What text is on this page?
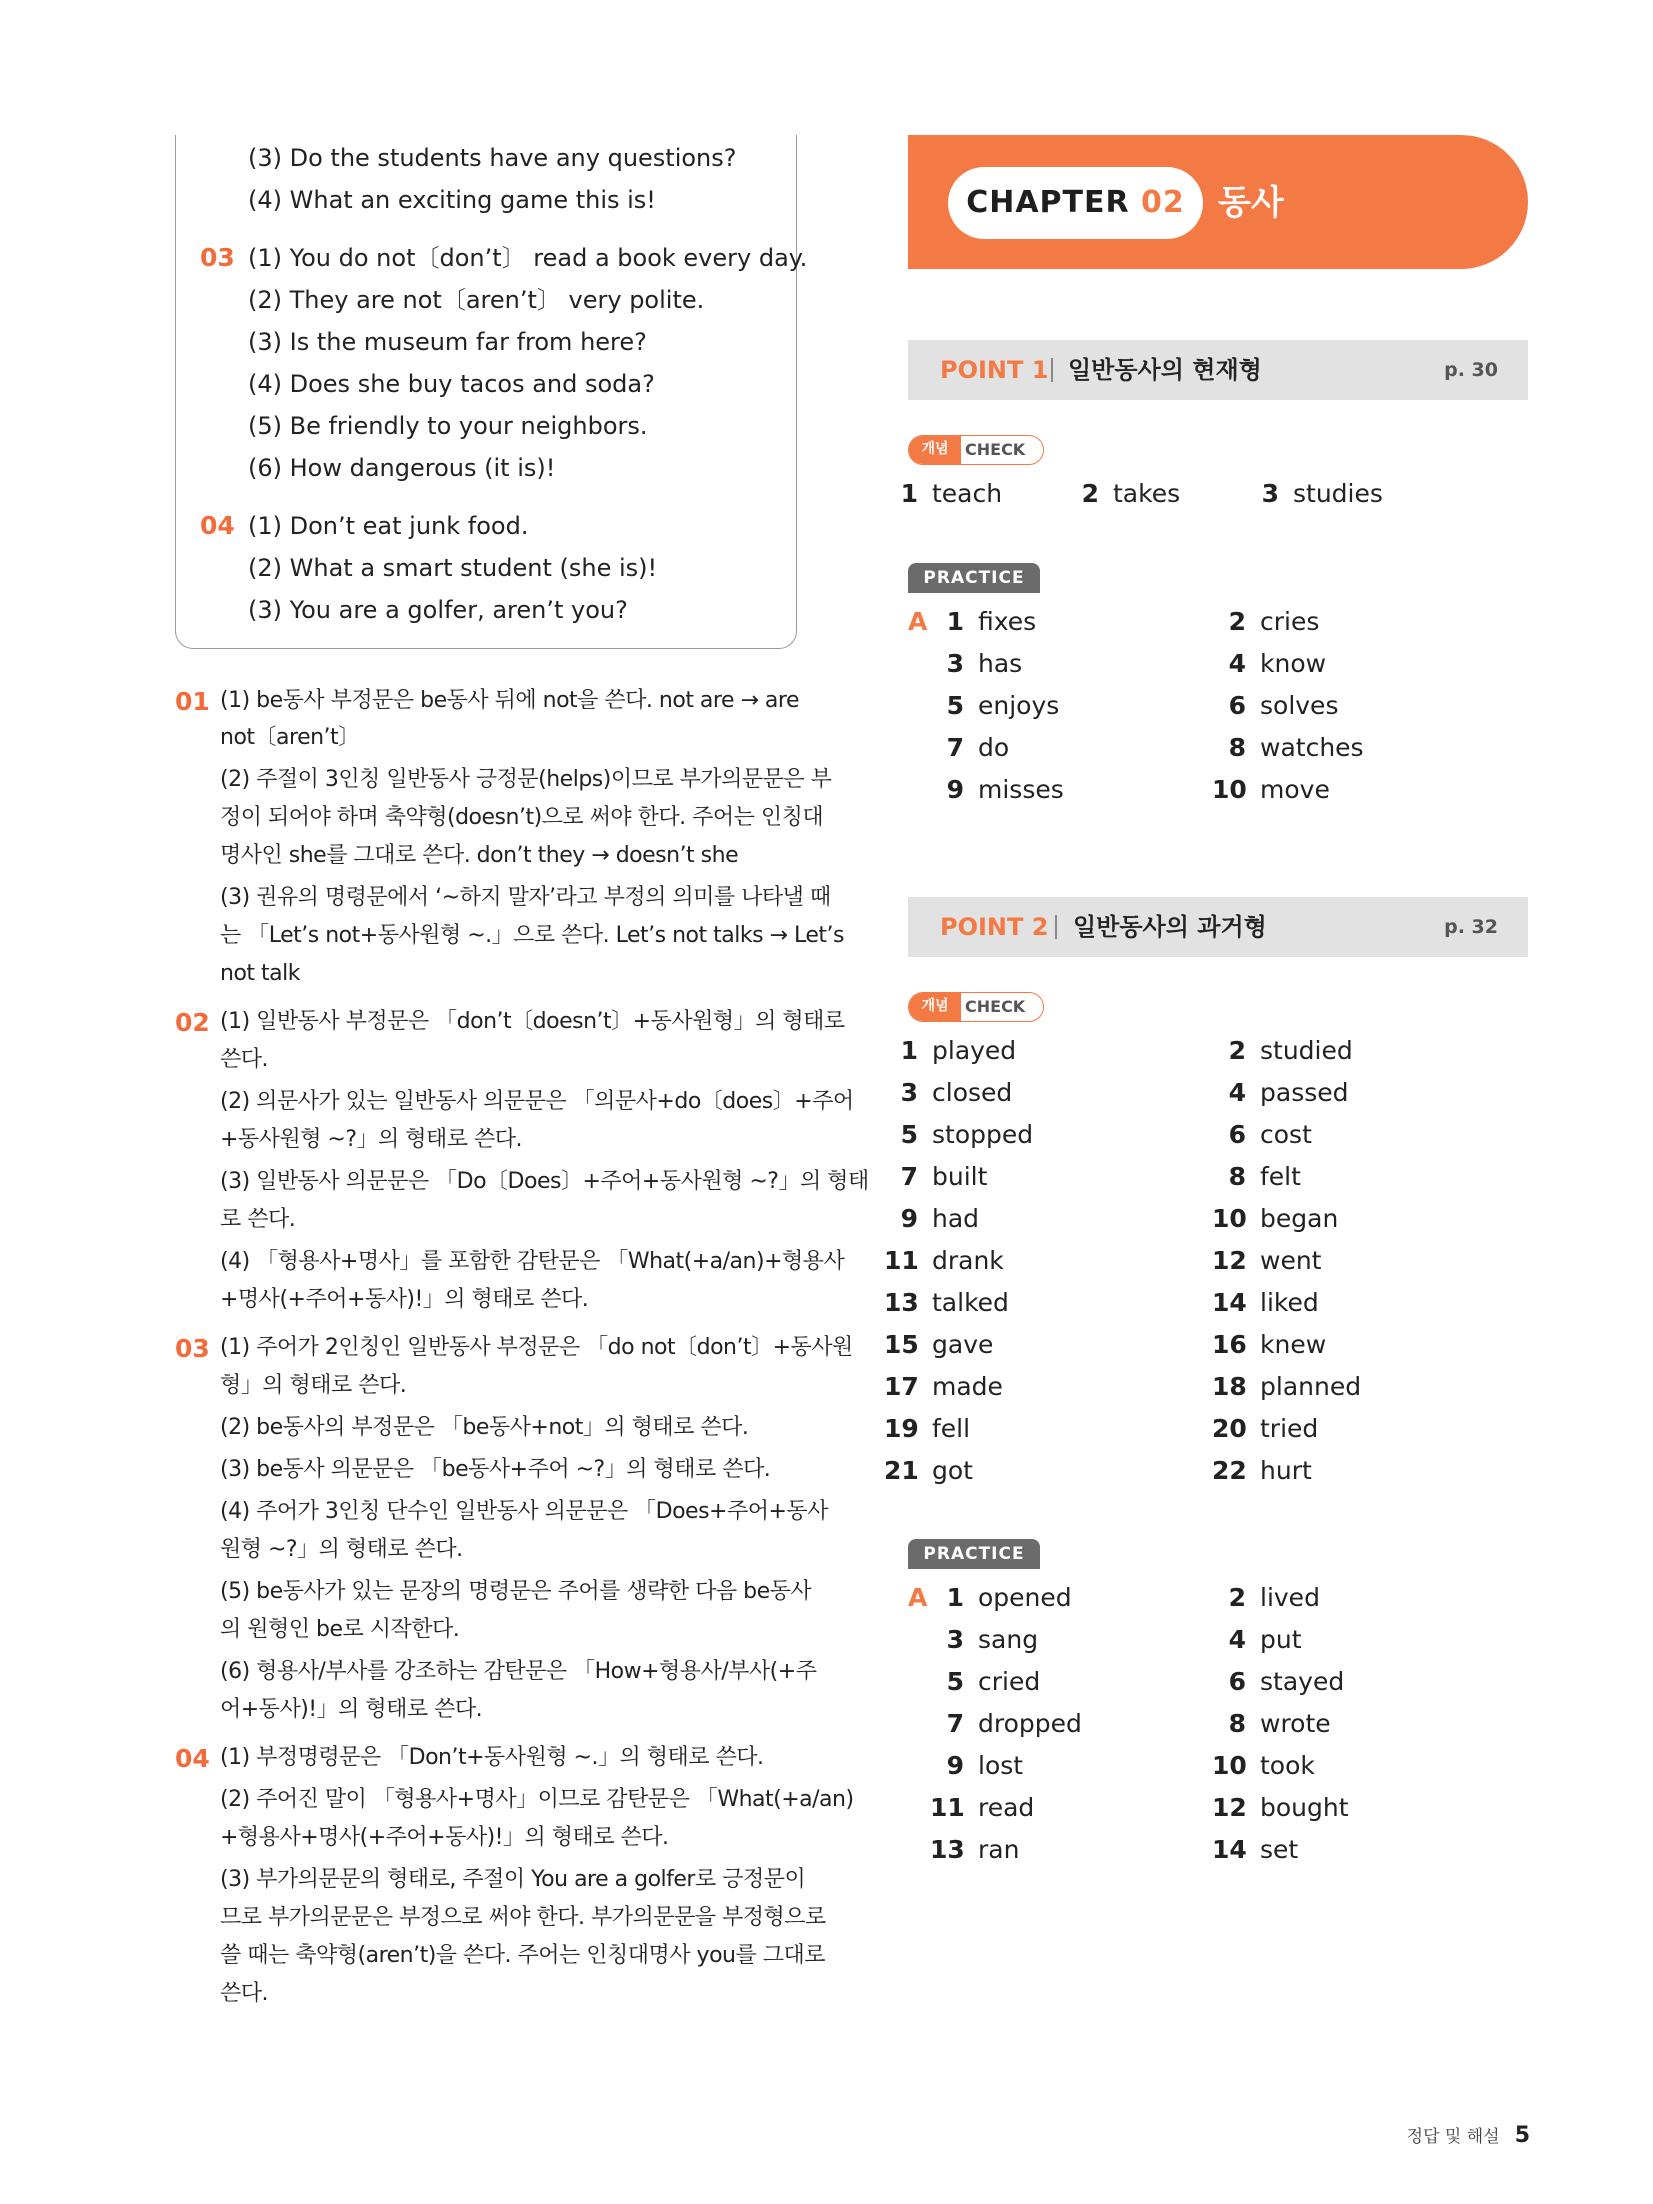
(3) Do the students have any questions?
(4) What an exciting game this is!
03 (1) You do not〔don’t〕 read a book every day.
(2) They are not〔aren’t〕 very polite.
(3) Is the museum far from here?
(4) Does she buy tacos and soda?
(5) Be friendly to your neighbors.
(6) How dangerous (it is)!
04 (1) Don’t eat junk food.
(2) What a smart student (she is)!
(3) You are a golfer, aren’t you?
01 (1) be동사 부정문은 be동사 뒤에 not을 쓴다. not are → are
not〔aren’t〕
(2) 주절이 3인칭 일반동사 긍정문(helps)이므로 부가의문문은 부
정이 되어야 하며 축약형(doesn’t)으로 써야 한다. 주어는 인칭대
명사인 she를 그대로 쓴다. don’t they → doesn’t she
(3) 권유의 명령문에서 ‘~하지 말자’라고 부정의 의미를 나타낼 때
는 「Let’s not+동사원형 ~.」으로 쓴다. Let’s not talks → Let’s
not talk
02 (1) 일반동사 부정문은 「don’t〔doesn’t〕+동사원형」의 형태로
쓴다.
(2) 의문사가 있는 일반동사 의문문은 「의문사+do〔does〕+주어
+동사원형 ~?」의 형태로 쓴다.
(3) 일반동사 의문문은 「Do〔Does〕+주어+동사원형 ~?」의 형태
로 쓴다.
(4) 「형용사+명사」를 포함한 감탄문은 「What(+a/an)+형용사
+명사(+주어+동사)!」의 형태로 쓴다.
03 (1) 주어가 2인칭인 일반동사 부정문은 「do not〔don’t〕+동사원
형」의 형태로 쓴다.
(2) be동사의 부정문은 「be동사+not」의 형태로 쓴다.
(3) be동사 의문문은 「be동사+주어 ~?」의 형태로 쓴다.
(4) 주어가 3인칭 단수인 일반동사 의문문은 「Does+주어+동사
원형 ~?」의 형태로 쓴다.
(5) be동사가 있는 문장의 명령문은 주어를 생략한 다음 be동사
의 원형인 be로 시작한다.
(6) 형용사/부사를 강조하는 감탄문은 「How+형용사/부사(+주
어+동사)!」의 형태로 쓴다.
04 (1) 부정명령문은 「Don’t+동사원형 ~.」의 형태로 쓴다.
(2) 주어진 말이 「형용사+명사」이므로 감탄문은 「What(+a/an)
+형용사+명사(+주어+동사)!」의 형태로 쓴다.
(3) 부가의문문의 형태로, 주절이 You are a golfer로 긍정문이
므로 부가의문문은 부정으로 써야 한다. 부가의문문을 부정형으로
쓸 때는 축약형(aren’t)을 쓴다. 주어는 인칭대명사 you를 그대로
쓴다.
CHAPTER 02 동사
POINT 1 일반동사의 현재형	p. 30
개념	CHECK
1 teach	2 takes	3 studies
PRACTICE
A 1 fixes	2 cries
3 has	4 know
5 enjoys	6 solves
7 do	8 watches
9 misses	10 move
POINT 2 일반동사의 과거형	p. 32
개념	CHECK
1 played	2 studied
3 closed	4 passed
5 stopped	6 cost
7 built	8 felt
9 had	10 began
11 drank	12 went
13 talked	14 liked
15 gave	16 knew
17 made	18 planned
19 fell	20 tried
21 got	22 hurt
PRACTICE
A 1 opened	2 lived
3 sang	4 put
5 cried	6 stayed
7 dropped	8 wrote
9 lost	10 took
11 read	12 bought
13 ran	14 set
정답 및 해설 5
